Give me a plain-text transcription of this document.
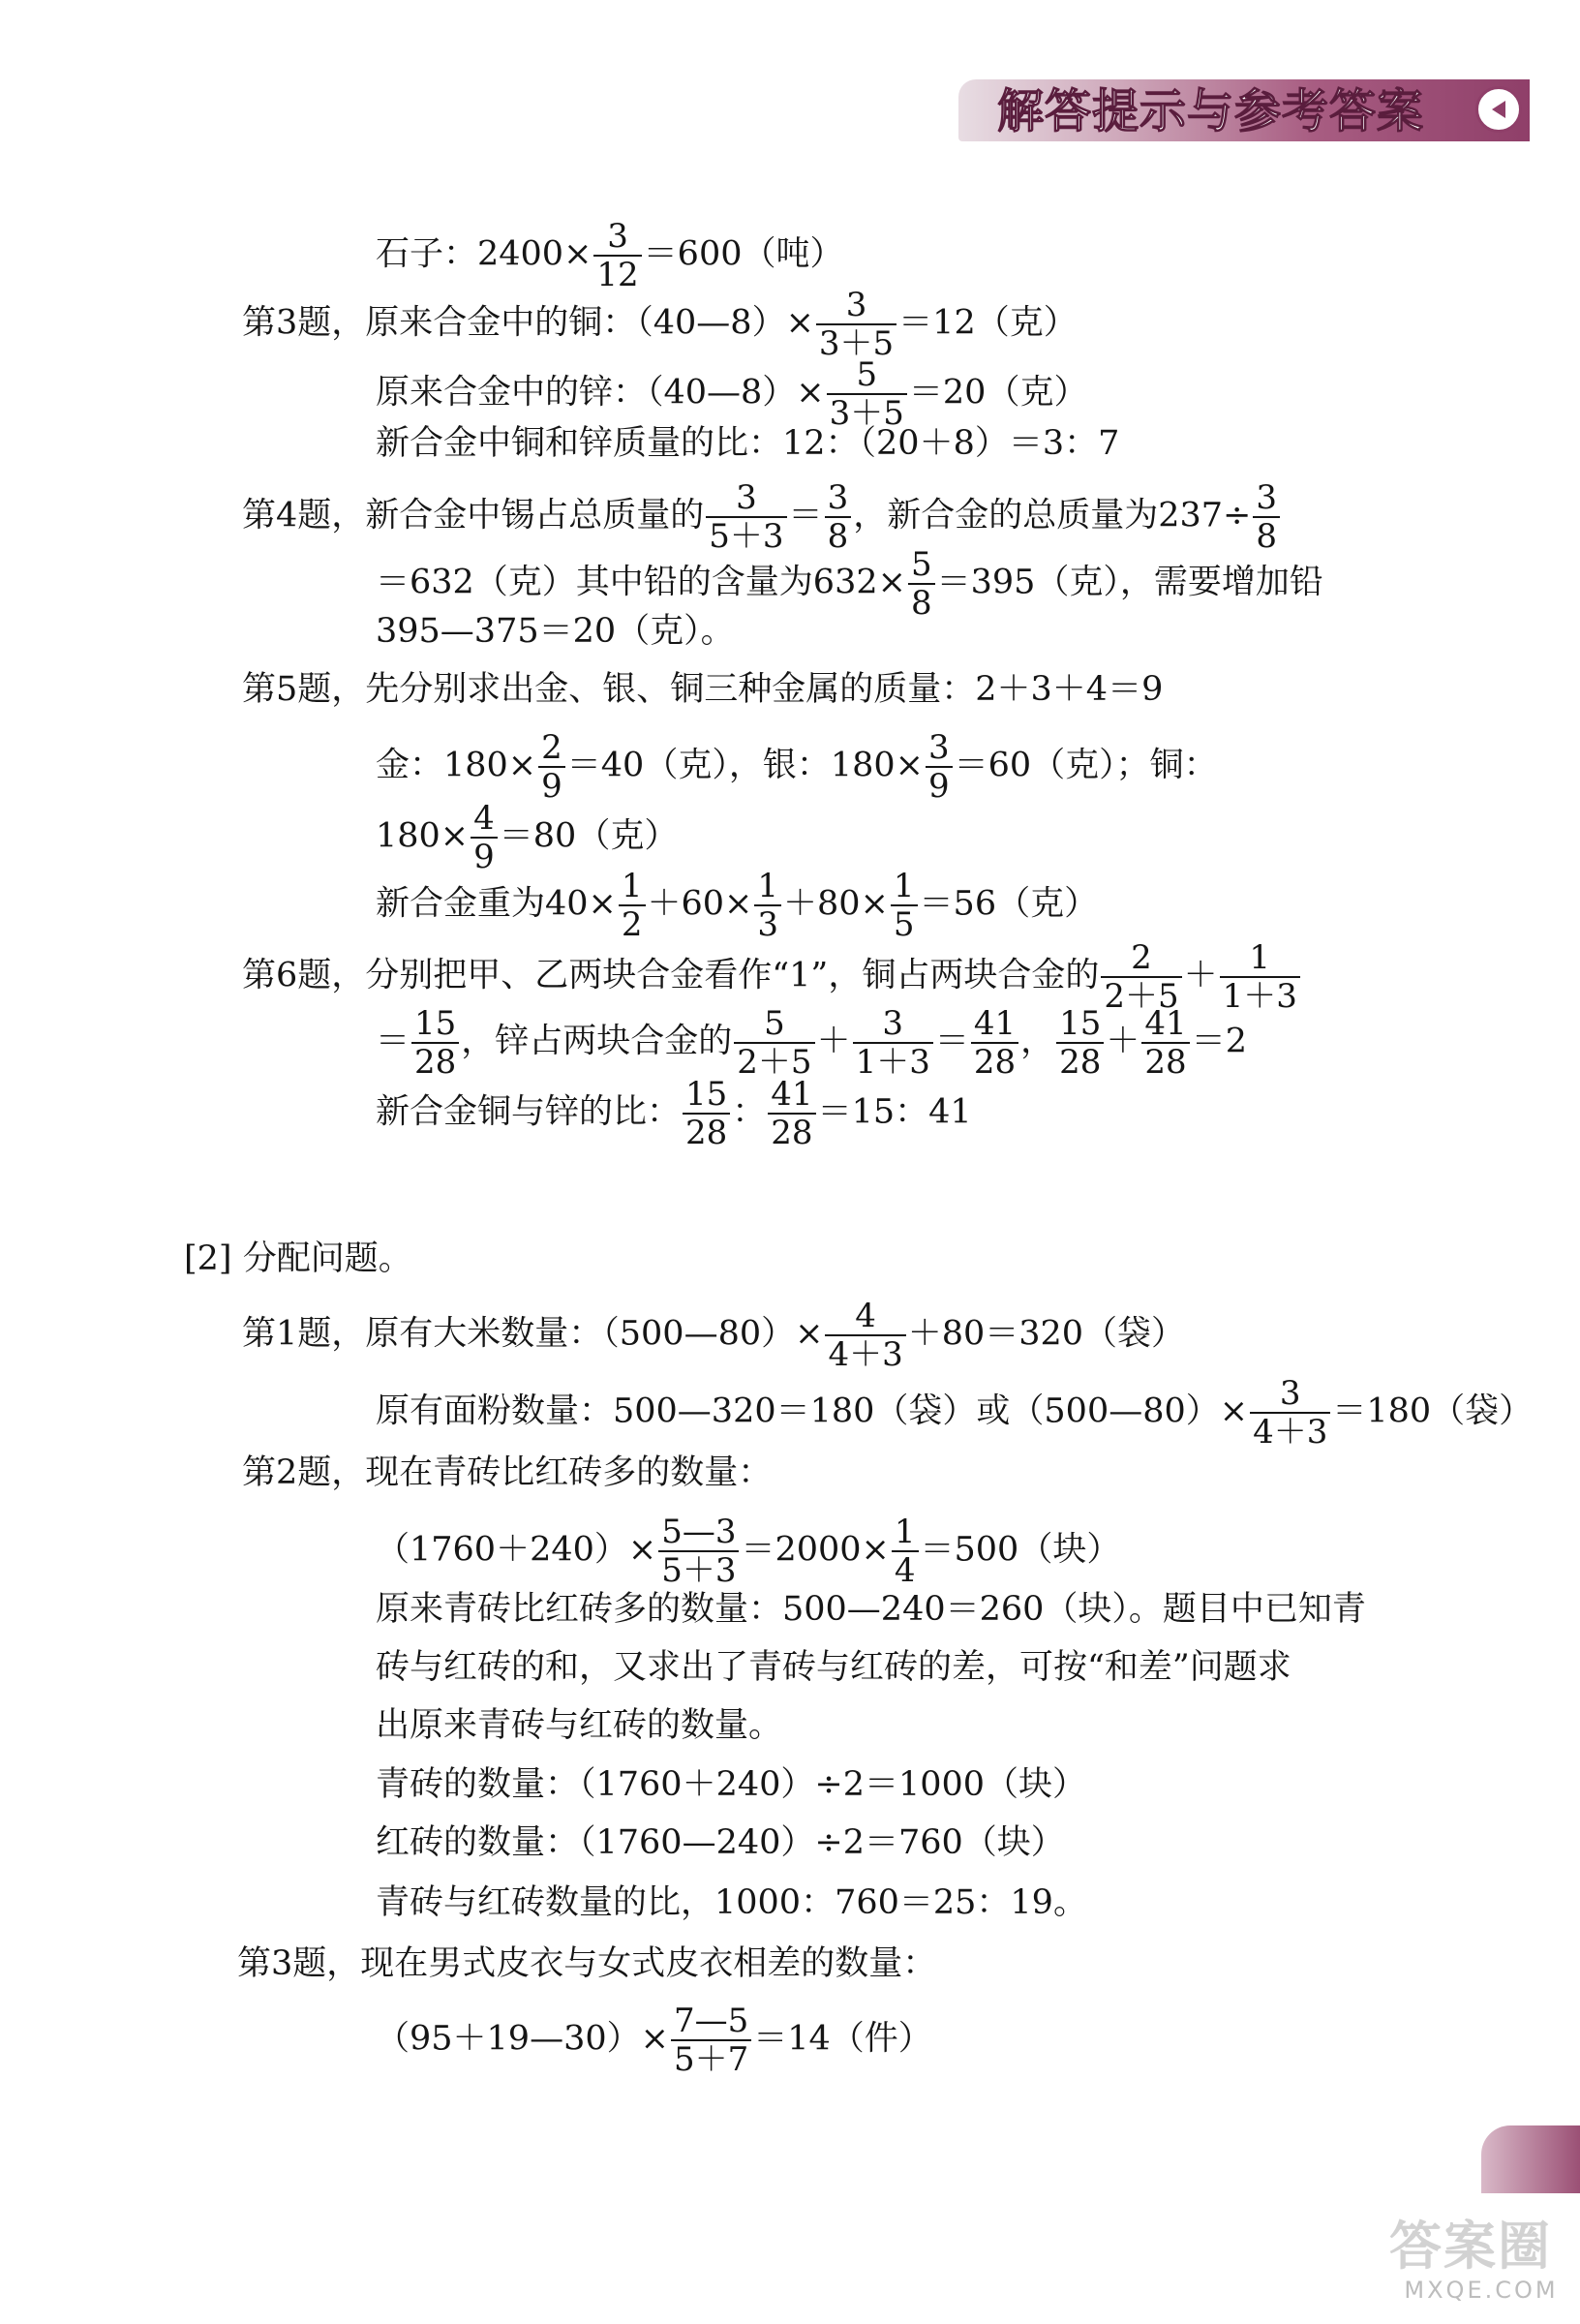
解答提示与参考答案
石子：$2400\times \frac{3}{12} =600$（吨）
第3题，原来合金中的铜：（40—8）× $\frac{3}{3+5} =12$（克）
原来合金中的锌：（40—8）× $\frac{5}{3+5} =20$（克）
新合金中铜和锌质量的比：12：（20＋8）＝3：7
第4题，新合金中锡占总质量的 $\frac{3}{5+3} = \frac{3}{8}$ ，新合金的总质量为$237\div \frac{3}{8}$
＝632（克）其中铅的含量为$632\times \frac{5}{8} =395$（克），需要增加铅
395—375＝20（克）。
第5题，先分别求出金、银、铜三种金属的质量：2＋3＋4＝9
金：$180\times \frac{2}{9} =40$（克），银：$180\times \frac{3}{9} =60$（克）；铜：
$180\times \frac{4}{9} =80$（克）
新合金重为$40\times \frac{1}{2} +60\times \frac{1}{3} +80\times \frac{1}{5} =56$（克）
第6题，分别把甲、乙两块合金看作“1”，铜占两块合金的 $\frac{2}{2+5} + \frac{1}{1+3}$
＝ $\frac{15}{28}$ ，锌占两块合金的 $\frac{5}{2+5} + \frac{3}{1+3} = \frac{41}{28}$ ， $\frac{15}{28} + \frac{41}{28} =2$
新合金铜与锌的比： $\frac{15}{28}$ ： $\frac{41}{28} =15$：41
[2] 分配问题。
第1题，原有大米数量：（500—80）× $\frac{4}{4+3} +80=320$（袋）
原有面粉数量：500—320＝180（袋）或（500—80）× $\frac{3}{4+3} =180$（袋）
第2题，现在青砖比红砖多的数量：
$(1760+240)\times \frac{5—3}{5+3} =2000\times \frac{1}{4} =500$（块）
原来青砖比红砖多的数量：500—240＝260（块）。题目中已知青
砖与红砖的和，又求出了青砖与红砖的差，可按“和差”问题求
出原来青砖与红砖的数量。
青砖的数量：（1760＋240）÷2＝1000（块）
红砖的数量：（1760—240）÷2＝760（块）
青砖与红砖数量的比，1000：760＝25：19。
第3题，现在男式皮衣与女式皮衣相差的数量：
（95＋19—30）× $\frac{7—5}{5+7} =14$（件）
答案圈
MXQE.COM
